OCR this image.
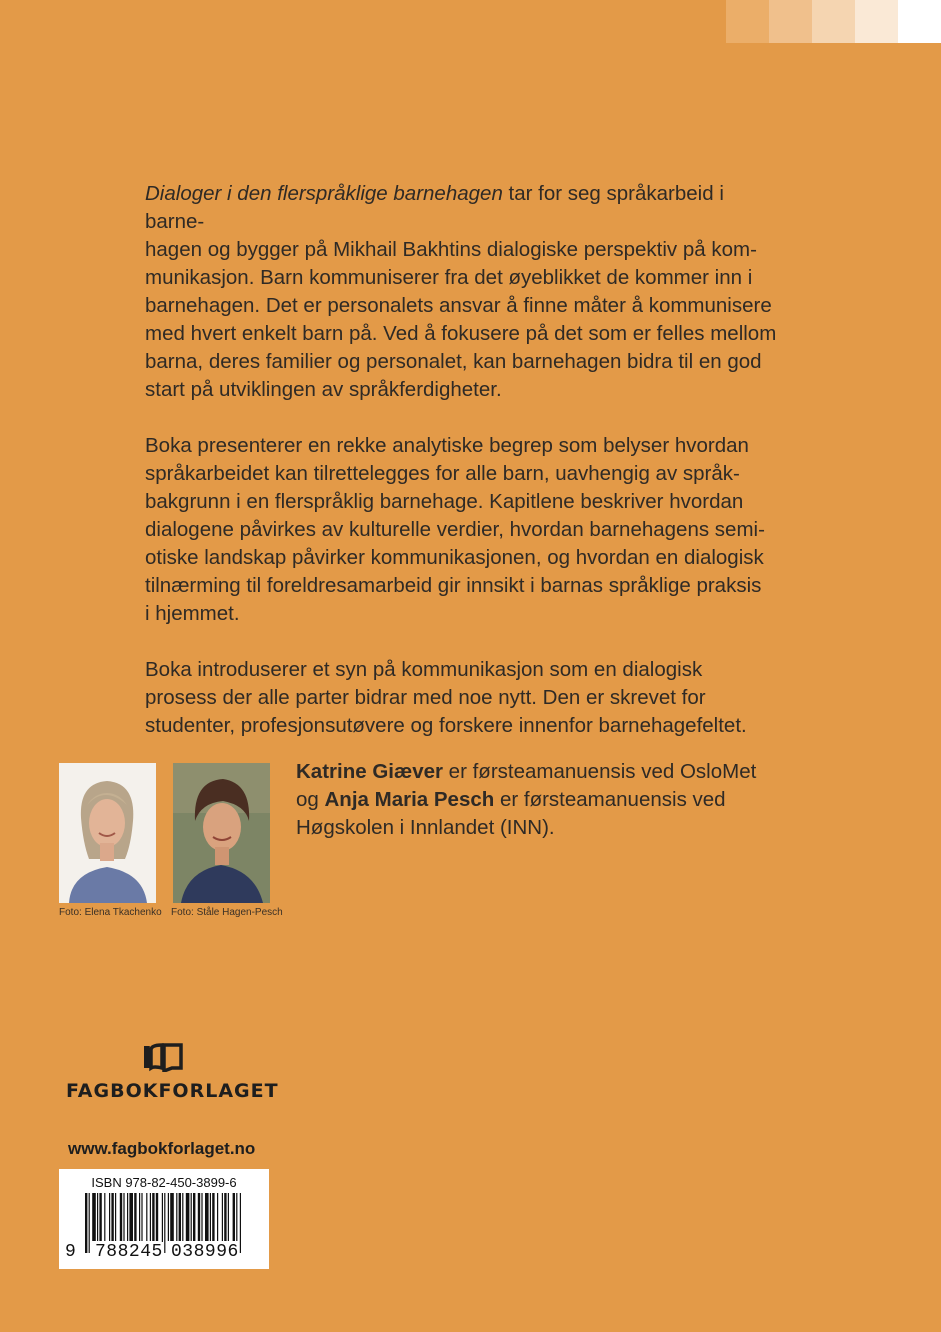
Dialoger i den flerspråklige barnehagen tar for seg språkarbeid i barne-
hagen og bygger på Mikhail Bakhtins dialogiske perspektiv på kom-
munikasjon. Barn kommuniserer fra det øyeblikket de kommer inn i
barnehagen. Det er personalets ansvar å finne måter å kommunisere
med hvert enkelt barn på. Ved å fokusere på det som er felles mellom
barna, deres familier og personalet, kan barnehagen bidra til en god
start på utviklingen av språkferdigheter.

Boka presenterer en rekke analytiske begrep som belyser hvordan
språkarbeidet kan tilrettelegges for alle barn, uavhengig av språk-
bakgrunn i en flerspråklig barnehage. Kapitlene beskriver hvordan
dialogene påvirkes av kulturelle verdier, hvordan barnehagens semi-
otiske landskap påvirker kommunikasjonen, og hvordan en dialogisk
tilnærming til foreldresamarbeid gir innsikt i barnas språklige praksis
i hjemmet.

Boka introduserer et syn på kommunikasjon som en dialogisk
prosess der alle parter bidrar med noe nytt. Den er skrevet for
studenter, profesjonsutøvere og forskere innenfor barnehagefeltet.

Foto: Elena Tkachenko Foto: Ståle Hagen-Pesch
Katrine Giæver er førsteamanuensis ved OsloMet
og Anja Maria Pesch er førsteamanuensis ved
Høgskolen i Innlandet (INN).
FAGBOKFORLAGET
www.fagbokforlaget.no
ISBN 978-82-450-3899-6
9 788245 038996
